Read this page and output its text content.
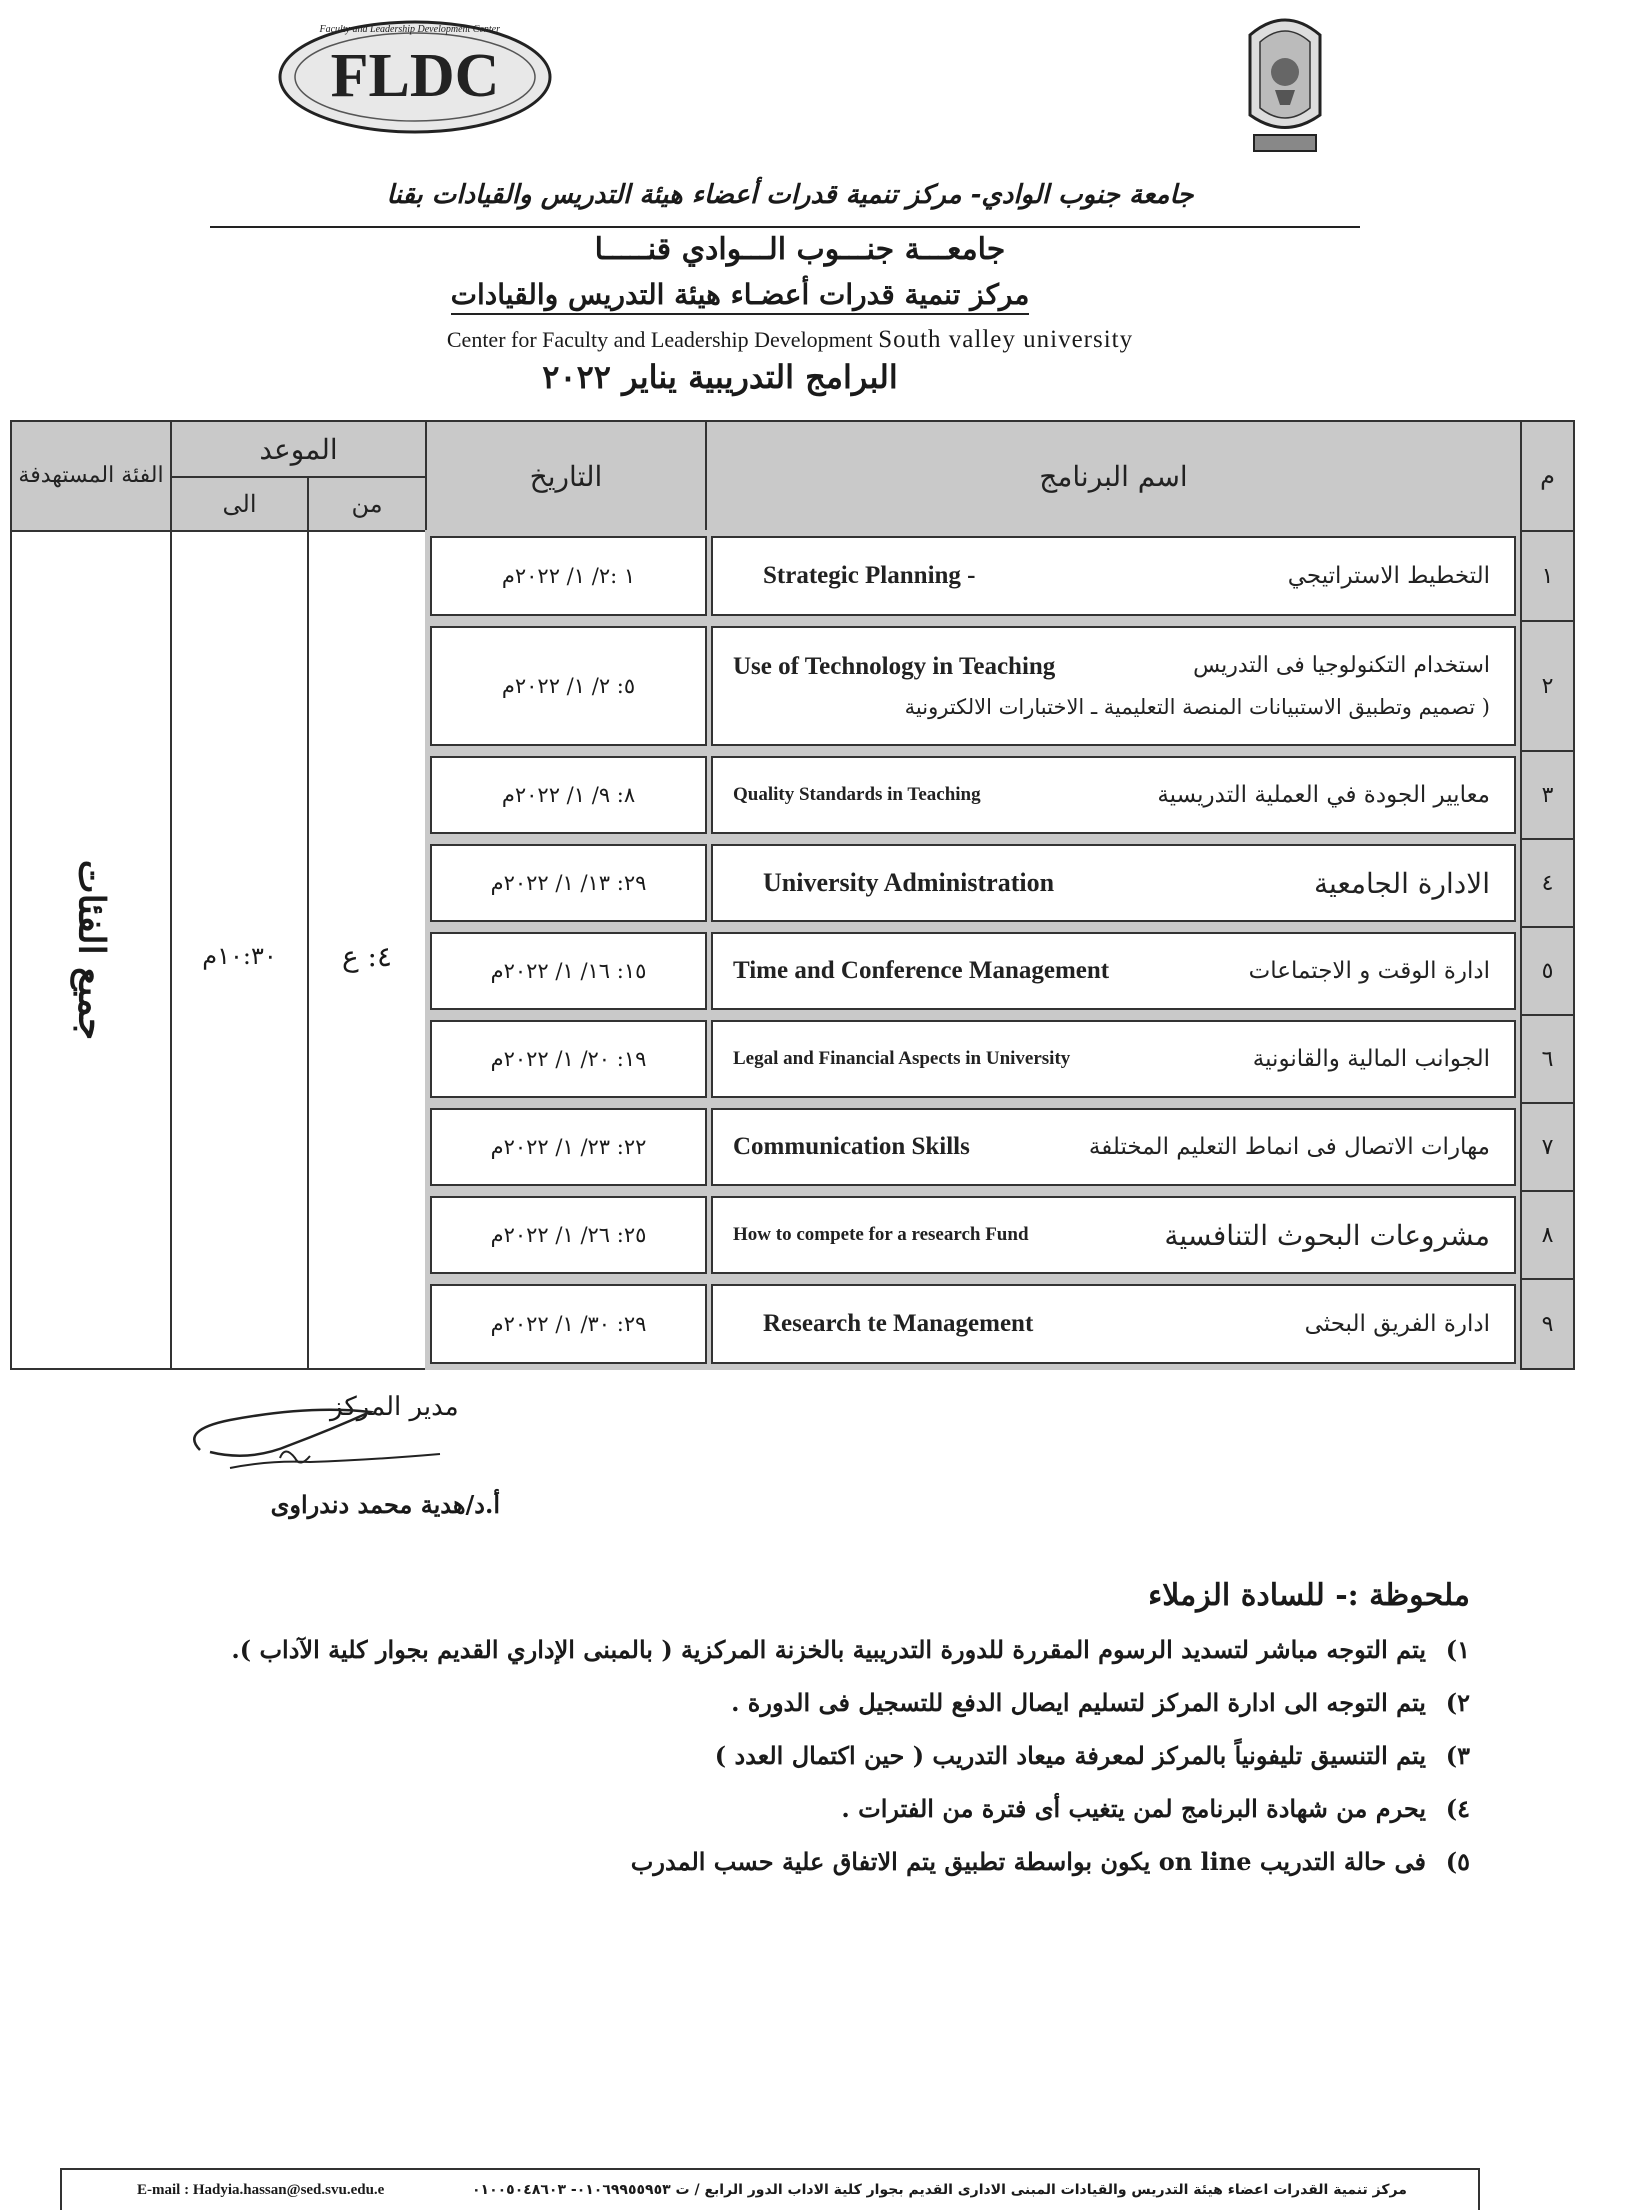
FLDC
Faculty and Leadership Development Center
جامعة جنوب الوادي- مركز تنمية قدرات أعضاء هيئة التدريس والقيادات بقنا
جامعـــة جنـــوب الـــوادي قنـــــا
مركز تنمية قدرات أعضـاء هيئة التدريس والقيادات
Center for Faculty and Leadership Development South valley university
البرامج التدريبية يناير ٢٠٢٢
م
اسم البرنامج
التاريخ
الموعد
من
الى
الفئة المستهدفة
جميع الفئات	١٠:٣٠م ٤: ع
١
التخطيط الاستراتيجي
Strategic Planning -
١ :٢/ ١/ ٢٠٢٢م
٢
استخدام التكنولوجيا فى التدريس
Use of Technology in Teaching
( تصميم وتطبيق الاستبيانات المنصة التعليمية ـ الاختبارات الالكترونية
٥: ٢/ ١/ ٢٠٢٢م
٣
معايير الجودة في العملية التدريسية
Quality Standards in Teaching
٨: ٩/ ١/ ٢٠٢٢م
٤
الادارة الجامعية
University Administration
٢٩: ١٣/ ١/ ٢٠٢٢م
٥
ادارة الوقت و الاجتماعات
Time and Conference Management
١٥: ١٦/ ١/ ٢٠٢٢م
٦
الجوانب المالية والقانونية
Legal and Financial Aspects in University
١٩: ٢٠/ ١/ ٢٠٢٢م
٧
مهارات الاتصال فى انماط التعليم المختلفة
Communication Skills
٢٢: ٢٣/ ١/ ٢٠٢٢م
٨
مشروعات البحوث التنافسية
How to compete for a research Fund
٢٥: ٢٦/ ١/ ٢٠٢٢م
٩
ادارة الفريق البحثى
Research te Management
٢٩: ٣٠/ ١/ ٢٠٢٢م
مدير المركز
أ.د/هدية محمد دندراوى
ملحوظة :- للسادة الزملاء
١)يتم التوجه مباشر لتسديد الرسوم المقررة للدورة التدريبية بالخزنة المركزية ( بالمبنى الإداري القديم بجوار كلية الآداب ).
٢)يتم التوجه الى ادارة المركز لتسليم ايصال الدفع للتسجيل فى الدورة .
٣)يتم التنسيق تليفونياً بالمركز لمعرفة ميعاد التدريب ( حين اكتمال العدد )
٤)يحرم من شهادة البرنامج لمن يتغيب أى فترة من الفترات .
٥)فى حالة التدريب on line يكون بواسطة تطبيق يتم الاتفاق علية حسب المدرب
E-mail : Hadyia.hassan@sed.svu.edu.e	مركز تنمية القدرات اعضاء هيئة التدريس والقيادات المبنى الادارى القديم بجوار كلية الاداب الدور الرابع / ت ٠١٠٦٩٩٥٥٩٥٣- ٠١٠٠٥٠٤٨٦٠٣
